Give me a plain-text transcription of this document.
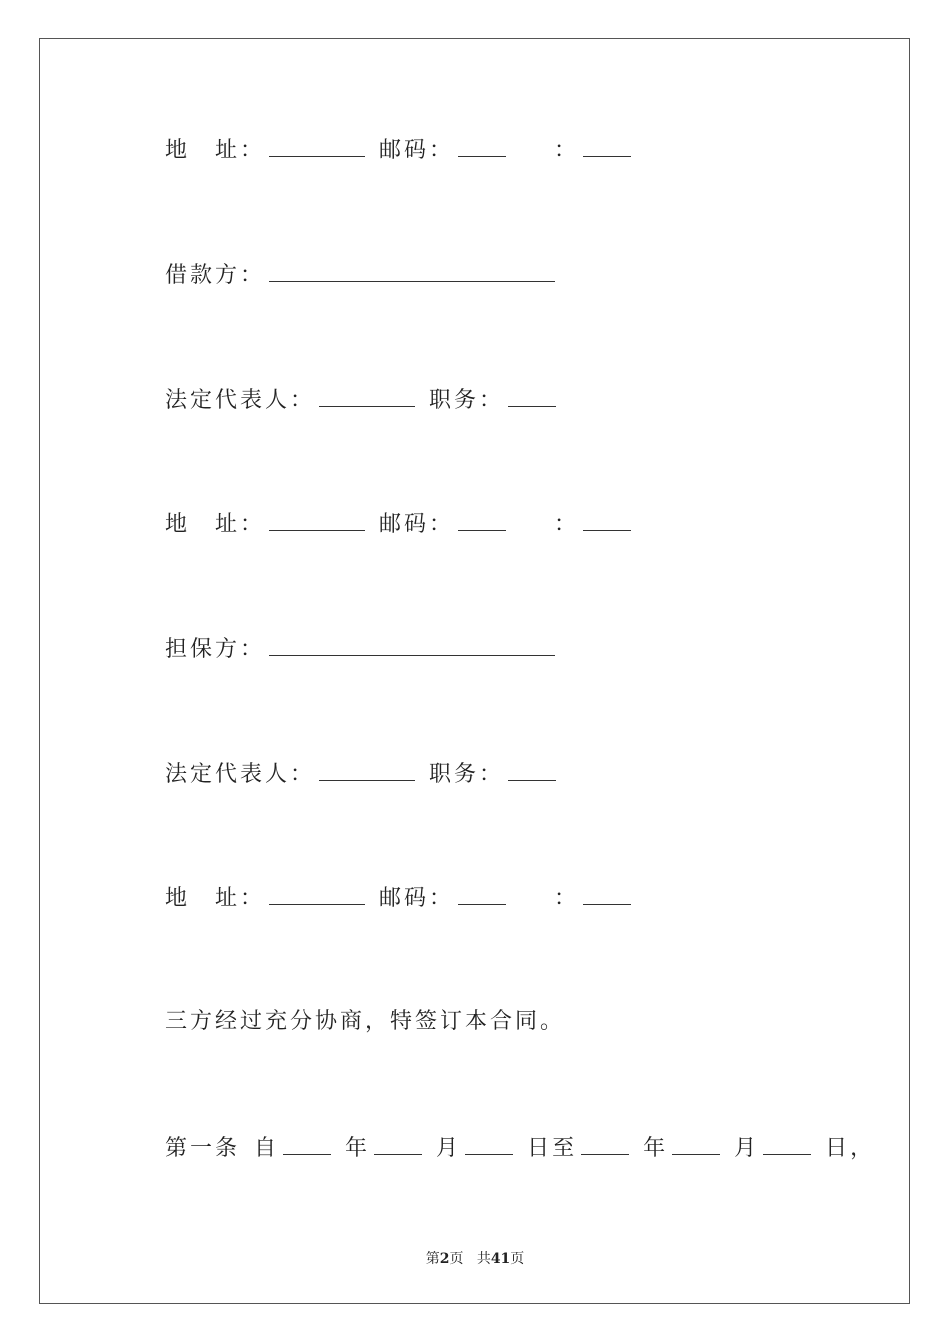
地　址：	邮码：	：
借款方：
法定代表人：	职务：
地　址：	邮码：	：
担保方：
法定代表人：	职务：
地　址：	邮码：	：
三方经过充分协商，特签订本合同。
第一条 自	年	月	日至	年	月	日，
第2页 共41页
